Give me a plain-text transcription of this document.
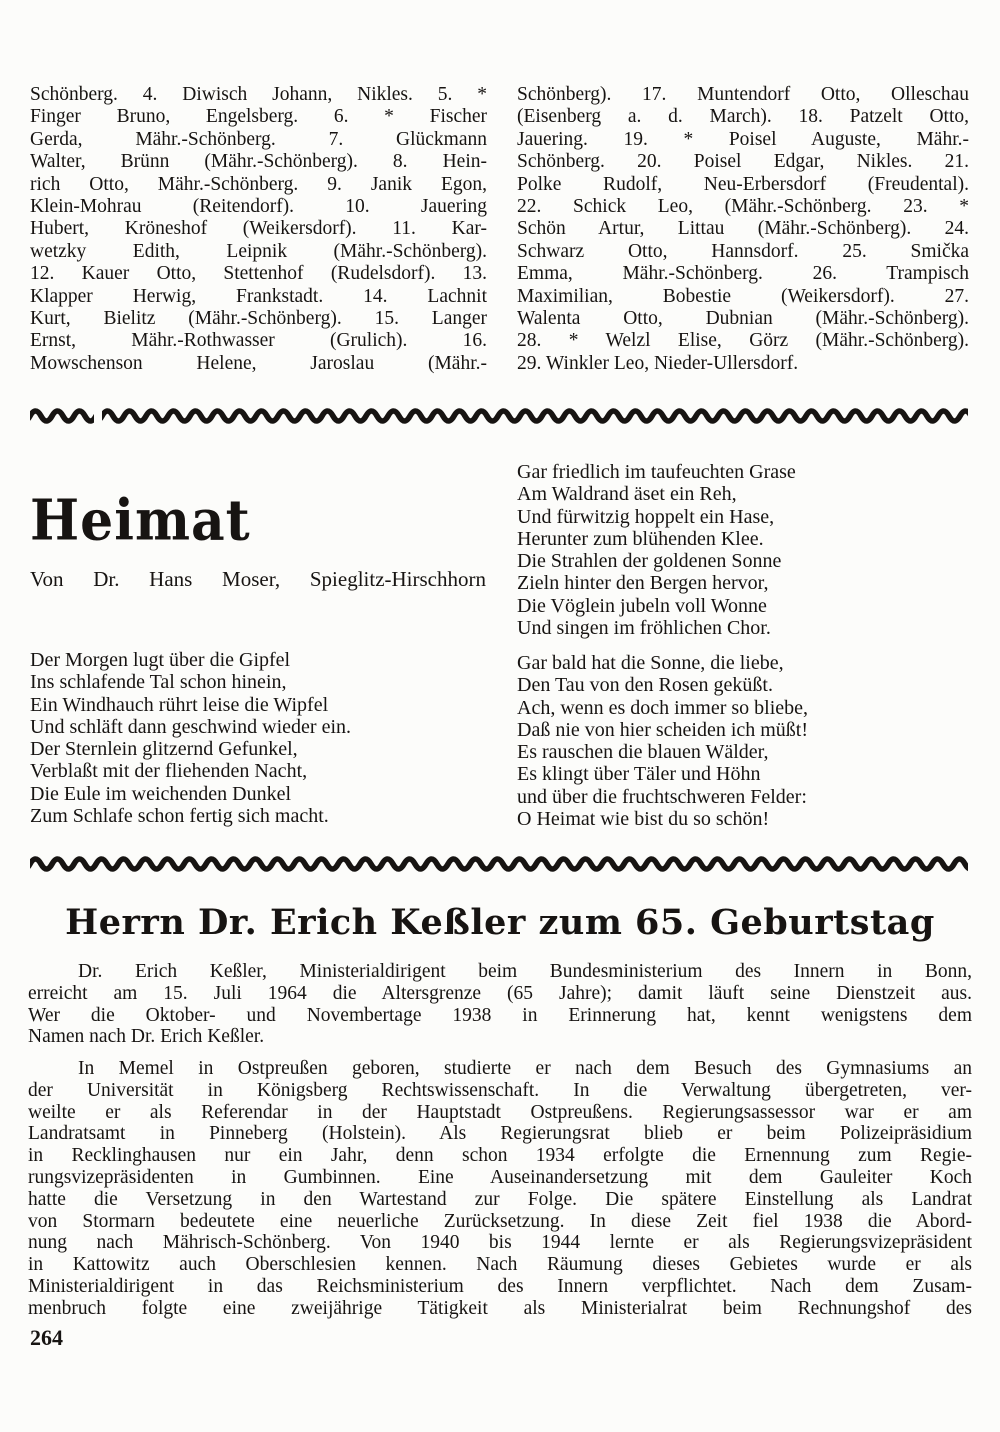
Schönberg. 4. Diwisch Johann, Nikles. 5. *
Finger Bruno, Engelsberg. 6. * Fischer
Gerda, Mähr.-Schönberg. 7. Glückmann
Walter, Brünn (Mähr.-Schönberg). 8. Hein-
rich Otto, Mähr.-Schönberg. 9. Janik Egon,
Klein-Mohrau (Reitendorf). 10. Jauering
Hubert, Kröneshof (Weikersdorf). 11. Kar-
wetzky Edith, Leipnik (Mähr.-Schönberg).
12. Kauer Otto, Stettenhof (Rudelsdorf). 13.
Klapper Herwig, Frankstadt. 14. Lachnit
Kurt, Bielitz (Mähr.-Schönberg). 15. Langer
Ernst, Mähr.-Rothwasser (Grulich). 16.
Mowschenson Helene, Jaroslau (Mähr.-
Schönberg). 17. Muntendorf Otto, Olleschau
(Eisenberg a. d. March). 18. Patzelt Otto,
Jauering. 19. * Poisel Auguste, Mähr.-
Schönberg. 20. Poisel Edgar, Nikles. 21.
Polke Rudolf, Neu-Erbersdorf (Freudental).
22. Schick Leo, (Mähr.-Schönberg. 23. *
Schön Artur, Littau (Mähr.-Schönberg). 24.
Schwarz Otto, Hannsdorf. 25. Smička
Emma, Mähr.-Schönberg. 26. Trampisch
Maximilian, Bobestie (Weikersdorf). 27.
Walenta Otto, Dubnian (Mähr.-Schönberg).
28. * Welzl Elise, Görz (Mähr.-Schönberg).
29. Winkler Leo, Nieder-Ullersdorf.
Gar friedlich im taufeuchten Grase
Am Waldrand äset ein Reh,
Und fürwitzig hoppelt ein Hase,
Herunter zum blühenden Klee.
Die Strahlen der goldenen Sonne
Zieln hinter den Bergen hervor,
Die Vöglein jubeln voll Wonne
Und singen im fröhlichen Chor.
Heimat
Von Dr. Hans Moser, Spieglitz-Hirschhorn
Der Morgen lugt über die Gipfel
Ins schlafende Tal schon hinein,
Ein Windhauch rührt leise die Wipfel
Und schläft dann geschwind wieder ein.
Der Sternlein glitzernd Gefunkel,
Verblaßt mit der fliehenden Nacht,
Die Eule im weichenden Dunkel
Zum Schlafe schon fertig sich macht.
Gar bald hat die Sonne, die liebe,
Den Tau von den Rosen geküßt.
Ach, wenn es doch immer so bliebe,
Daß nie von hier scheiden ich müßt!
Es rauschen die blauen Wälder,
Es klingt über Täler und Höhn
und über die fruchtschweren Felder:
O Heimat wie bist du so schön!
Herrn Dr. Erich Keßler zum 65. Geburtstag
Dr. Erich Keßler, Ministerialdirigent beim Bundesministerium des Innern in Bonn,
erreicht am 15. Juli 1964 die Altersgrenze (65 Jahre); damit läuft seine Dienstzeit aus.
Wer die Oktober- und Novembertage 1938 in Erinnerung hat, kennt wenigstens dem
Namen nach Dr. Erich Keßler.
In Memel in Ostpreußen geboren, studierte er nach dem Besuch des Gymnasiums an
der Universität in Königsberg Rechtswissenschaft. In die Verwaltung übergetreten, ver-
weilte er als Referendar in der Hauptstadt Ostpreußens. Regierungsassessor war er am
Landratsamt in Pinneberg (Holstein). Als Regierungsrat blieb er beim Polizeipräsidium
in Recklinghausen nur ein Jahr, denn schon 1934 erfolgte die Ernennung zum Regie-
rungsvizepräsidenten in Gumbinnen. Eine Auseinandersetzung mit dem Gauleiter Koch
hatte die Versetzung in den Wartestand zur Folge. Die spätere Einstellung als Landrat
von Stormarn bedeutete eine neuerliche Zurücksetzung. In diese Zeit fiel 1938 die Abord-
nung nach Mährisch-Schönberg. Von 1940 bis 1944 lernte er als Regierungsvizepräsident
in Kattowitz auch Oberschlesien kennen. Nach Räumung dieses Gebietes wurde er als
Ministerialdirigent in das Reichsministerium des Innern verpflichtet. Nach dem Zusam-
menbruch folgte eine zweijährige Tätigkeit als Ministerialrat beim Rechnungshof des
264
